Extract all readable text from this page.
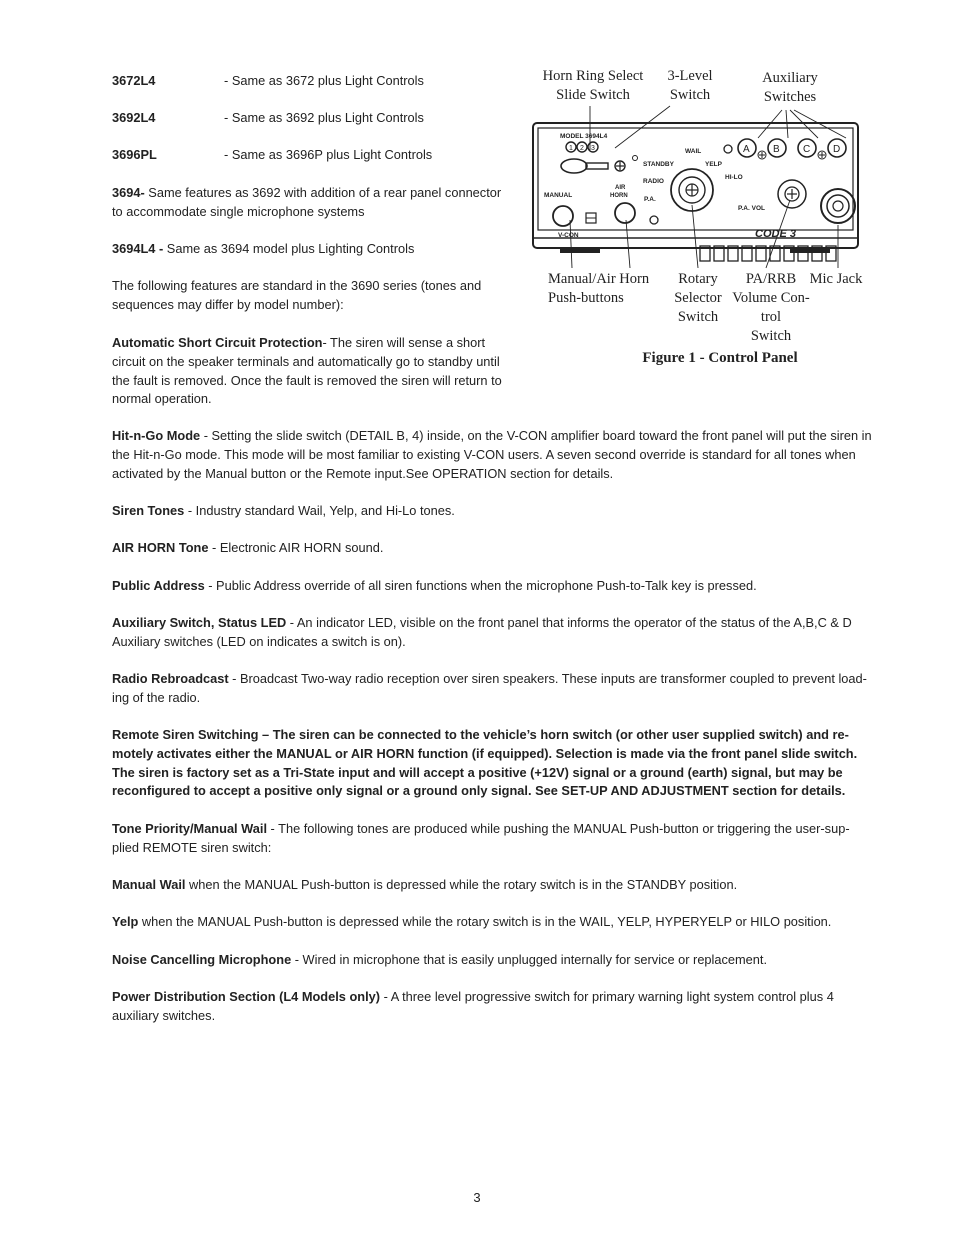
3672L4	- Same as 3672 plus Light Controls
3692L4	- Same as 3692 plus Light Controls
3696PL	- Same as 3696P plus Light Controls
3694- Same features as 3692 with addition of a rear panel connector to accommodate single microphone systems
3694L4 - Same as 3694 model plus Lighting Controls
The following features are standard in the 3690 series (tones and sequences may differ by model number):
Automatic Short Circuit Protection- The siren will sense a short circuit on the speaker terminals and automatically go to standby until the fault is removed. Once the fault is removed the siren will return to normal operation.
Hit-n-Go Mode - Setting the slide switch (DETAIL B, 4) inside, on the V-CON amplifier board toward the front panel will put the siren in the Hit-n-Go mode. This mode will be most familiar to existing V-CON users. A seven second override is standard for all tones when activated by the Manual button or the Remote input.See OPERATION section for details.
Siren Tones - Industry standard Wail, Yelp, and Hi-Lo tones.
AIR HORN Tone - Electronic AIR HORN sound.
Public Address - Public Address override of all siren functions when the microphone Push-to-Talk key is pressed.
Auxiliary Switch, Status LED - An indicator LED, visible on the front panel that informs the operator of the status of the A,B,C & D Auxiliary switches (LED on indicates a switch is on).
Radio Rebroadcast - Broadcast Two-way radio reception over siren speakers. These inputs are transformer coupled to prevent load-ing of the radio.
Remote Siren Switching – The siren can be connected to the vehicle’s horn switch (or other user supplied switch) and re-motely activates either the MANUAL or AIR HORN function (if equipped). Selection is made via the front panel slide switch. The siren is factory set as a Tri-State input and will accept a positive (+12V) signal or a ground (earth) signal, but may be reconfigured to accept a positive only signal or a ground only signal. See SET-UP AND ADJUSTMENT section for details.
Tone Priority/Manual Wail - The following tones are produced while pushing the MANUAL Push-button or triggering the user-sup-plied REMOTE siren switch:
Manual Wail when the MANUAL Push-button is depressed while the rotary switch is in the STANDBY position.
Yelp when the MANUAL Push-button is depressed while the rotary switch is in the WAIL, YELP, HYPERYELP or HILO position.
Noise Cancelling Microphone - Wired in microphone that is easily unplugged internally for service or replacement.
Power Distribution Section (L4 Models only) - A three level progressive switch for primary warning light system control plus 4 auxiliary switches.
Horn Ring Select
Slide Switch
3-Level
Switch
Auxiliary
Switches
Manual/Air Horn
Push-buttons
Rotary
Selector
Switch
PA/RRB
Volume Con-
trol
Switch
Mic Jack
Figure 1 - Control Panel
MODEL 3694L4
1 2 3	WAIL
STANDBY	YELP
RADIO
HI-LO
MANUAL
AIR
HORN	P.A.
P.A. VOL
V-CON	CODE 3
A B C D
3
